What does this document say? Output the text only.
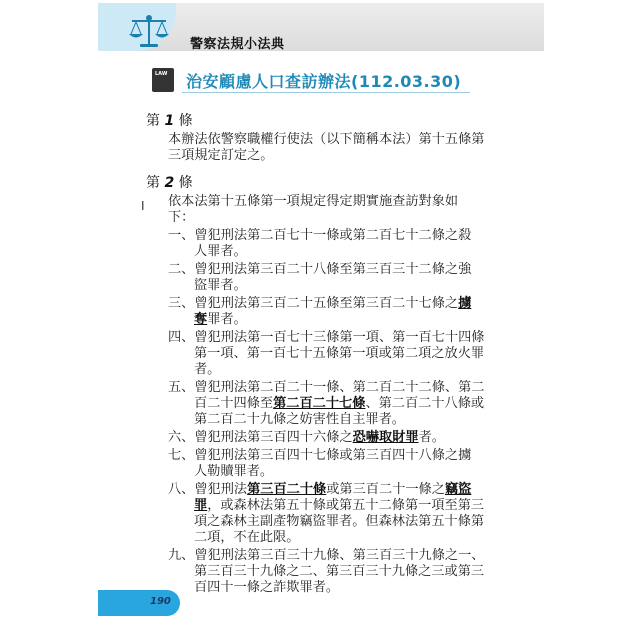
警察法規小法典
LAW 治安顧慮人口查訪辦法(112.03.30)
第 1 條
本辦法依警察職權行使法（以下簡稱本法）第十五條第
三項規定訂定之。
第 2 條
I 依本法第十五條第一項規定得定期實施查訪對象如
下：
一、曾犯刑法第二百七十一條或第二百七十二條之殺
人罪者。
二、曾犯刑法第三百二十八條至第三百三十二條之強
盜罪者。
三、曾犯刑法第三百二十五條至第三百二十七條之擄
奪罪者。
四、曾犯刑法第一百七十三條第一項、第一百七十四條
第一項、第一百七十五條第一項或第二項之放火罪
者。
五、曾犯刑法第二百二十一條、第二百二十二條、第二
百二十四條至第二百二十七條、第二百二十八條或
第二百二十九條之妨害性自主罪者。
六、曾犯刑法第三百四十六條之恐嚇取財罪者。
七、曾犯刑法第三百四十七條或第三百四十八條之擄
人勒贖罪者。
八、曾犯刑法第三百二十條或第三百二十一條之竊盜
罪，或森林法第五十條或第五十二條第一項至第三
項之森林主副產物竊盜罪者。但森林法第五十條第
二項，不在此限。
九、曾犯刑法第三百三十九條、第三百三十九條之一、
第三百三十九條之二、第三百三十九條之三或第三
百四十一條之詐欺罪者。
190
